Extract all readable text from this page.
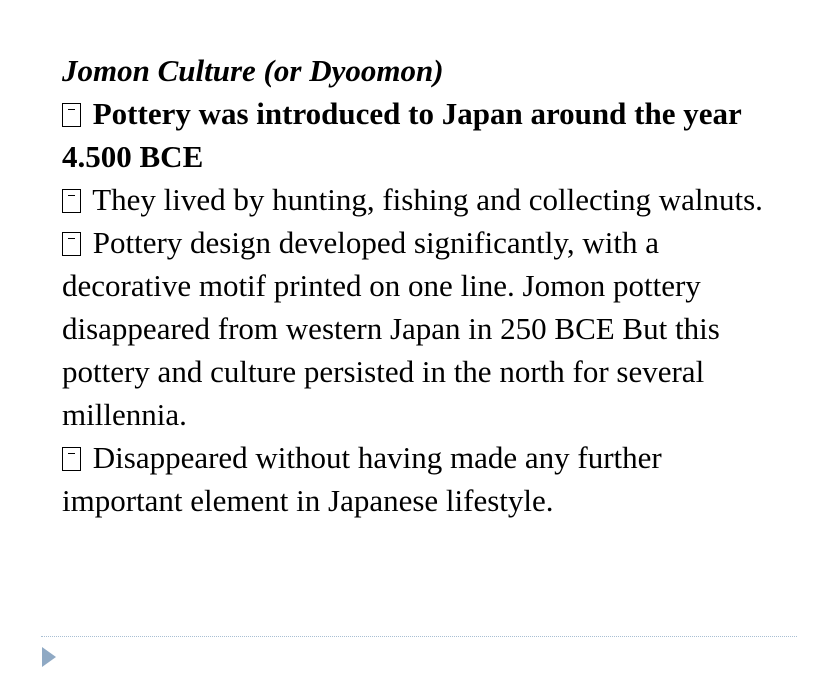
Jomon Culture (or Dyoomon)
Pottery was introduced to Japan around the year 4.500 BCE
They lived by hunting, fishing and collecting walnuts.
Pottery design developed significantly, with a decorative motif printed on one line. Jomon pottery disappeared from western Japan in 250 BCE But this pottery and culture persisted in the north for several millennia.
Disappeared without having made any further important element in Japanese lifestyle.
